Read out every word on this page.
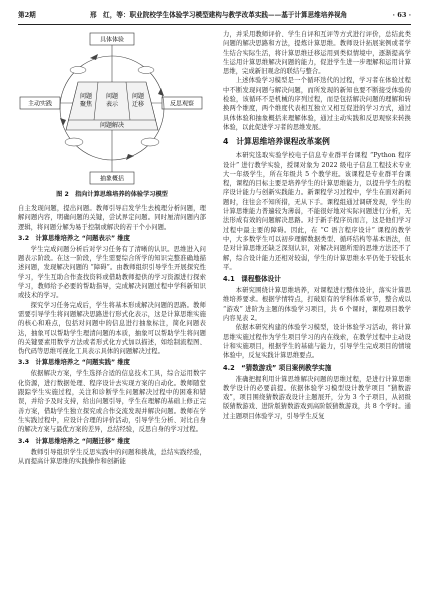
第2期	邢　红，等：职业院校学生体验学习模型建构与教学改革实践——基于计算思维培养视角	· 63 ·
具体体验
反思观察
抽象概括
主动实践
问题
聚焦
问题
表示
问题
迁移
问题解决
图 2　指向计算思维培养的体验学习模型

自主发现问题，提出问题。教师引导启发学生去梳理分析问题，理解问题内容，明确问题的关键，尝试界定问题。同时厘清问题内部逻辑，将问题分解为易于控制或解决的若干个小问题。

3.2　计算思维培养之 “问题表示” 维度

学生完成问题分析后对学习任务有了清晰的认识。思维进入问题表示阶段。在这一阶段，学生需要综合所学的知识完整准确地描述问题，发现解决问题的 “障碍”。由教师组织引导学生开展探究性学习，学生互助合作查找资料或借助教师提供的学习资源进行探索学习，教师给予必要的帮助指导，完成解决问题过程中学科新知识或技术的学习。

探究学习任务完成后，学生将基本形成解决问题的思路。教师需要引导学生将问题解决思路进行形式化表示，这是计算思维实施的核心和难点，包括对问题中的信息进行抽象标注，简化问题表达，抽象可以帮助学生理清问题的本质，抽象可以帮助学生将问题的关键要素用数学方法或者形式化方式加以描述，如绘制流程图、伪代码等思维可视化工具表示具体的问题解决过程。

3.3　计算思维培养之 “问题实践” 维度

依据解决方案，学生选择合适的信息技术工具，综合运用数字化资源，进行数据处理、程序设计去实现方案的自动化。教师随堂跟踪学生实施过程，关注和诊断学生问题解决过程中的困难和错误，并给予及时支持，给出问题引导，学生在理解的基础上修正完善方案，借助学生独立探究或合作交流发现并解决问题。教师在学生实践过程中，应设计合理的评价活动，引导学生分析、对比自身的解决方案与最优方案的差异，总结经验，反思自身的学习过程。

3.4　计算思维培养之 “问题迁移” 维度

教师引导组织学生反思实践中的问题和挑战，总结实践经验，从而提高计算思维的实践操作和创新能

力，并采用教师评价、学生自评和互评等方式进行评价，总结此类问题的解决思路和方法，提炼计算思维。教师设计拓展案例或者学生结合实际生活，将计算思维迁移运用到类似情境中，逐渐提高学生运用计算思维解决问题的能力，促进学生进一步理解和运用计算思维，完成新旧观念的联结与整合。

上述体验学习模型是一个循环迭代的过程，学习者在体验过程中不断发现问题与解决问题，而所发现的新知也要不断接受体验的检验，该循环不是机械的序列过程，而是包括解决问题的理解和转换两个维度，两个维度代表相互独立又相互促进的学习方式，通过具体体验和抽象概括来理解体验，通过主动实践和反思观察来转换体验，以此促进学习者的思维发展。

4　计算思维培养课程改革案例

本研究选取实验学校电子信息专业群平台课程 “Python 程序设计” 进行教学实验，授课对象为 2022 级电子信息工程技术专业大一年级学生，所在年级共 5 个教学班。该课程是专业群平台课程，课程的目标主要是培养学生的计算思维能力，以提升学生的程序设计能力与创新实践能力。新课程学习过程中，学生在面对新问题时，往往会不知所措，无从下手。课程组通过调研发现，学生的计算思维能力普遍较为薄弱，不能很好地对实际问题进行分析，无法形成有效的问题解决思路。对于新手程序员而言，这是他们学习过程中最主要的障碍。因此，在 “C 语言程序设计” 课程的教学中，大多数学生可以初步理解数据类型、循环结构等基本语法，但是对计算思维还缺乏深刻认识，对解决问题所需的思维方法还不了解，综合设计能力还相对较弱，学生的计算思维水平仍处于较低水平。

4.1　课程整体设计

本研究围绕计算思维培养，对课程进行整体设计，落实计算思维培养要求。根据学情特点，打破原有的学科体系章节，整合成以 “游戏” 进阶为主题的体验学习项目，共 6 个课时，课程项目教学内容见表 2。

依据本研究构建的体验学习模型，设计体验学习活动，将计算思维实施过程作为学生项目学习的内在线索，在教学过程中主动设计和实施项目，根据学生的基础与能力，引导学生完成项目的情境体验中，反复实践计算思维要点。

4.2　“猜数游戏” 项目案例教学实施

准确把握利用计算思维解决问题的思维过程，是进行计算思维教学设计的必要前提。依据体验学习模型设计教学项目 “猜数游戏”，项目围绕猜数游戏设计主题展开，分为 3 个子项目，从初级版猜数游戏、进阶版猜数游戏到高阶版猜数游戏，共 8 个学时。通过主题项目体验学习，引导学生反复
